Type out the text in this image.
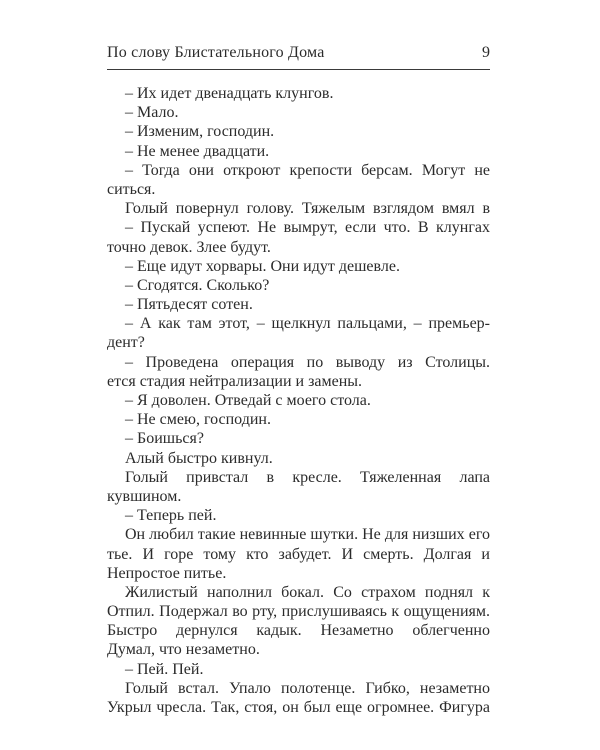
По слову Блистательного Дома	9
– Их идет двенадцать клунгов.
– Мало.
– Изменим, господин.
– Не менее двадцати.
– Тогда они откроют крепости берсам. Могут не
ситься.
Голый повернул голову. Тяжелым взглядом вмял в
– Пускай успеют. Не вымрут, если что. В клунгах
точно девок. Злее будут.
– Еще идут хорвары. Они идут дешевле.
– Сгодятся. Сколько?
– Пятьдесят сотен.
– А как там этот, – щелкнул пальцами, – премьер-
дент?
– Проведена операция по выводу из Столицы.
ется стадия нейтрализации и замены.
– Я доволен. Отведай с моего стола.
– Не смею, господин.
– Боишься?
Алый быстро кивнул.
Голый привстал в кресле. Тяжеленная лапа
кувшином.
– Теперь пей.
Он любил такие невинные шутки. Не для низших его
тье. И горе тому кто забудет. И смерть. Долгая и
Непростое питье.
Жилистый наполнил бокал. Со страхом поднял к
Отпил. Подержал во рту, прислушиваясь к ощущениям.
Быстро дернулся кадык. Незаметно облегченно
Думал, что незаметно.
– Пей. Пей.
Голый встал. Упало полотенце. Гибко, незаметно
Укрыл чресла. Так, стоя, он был еще огромнее. Фигура
